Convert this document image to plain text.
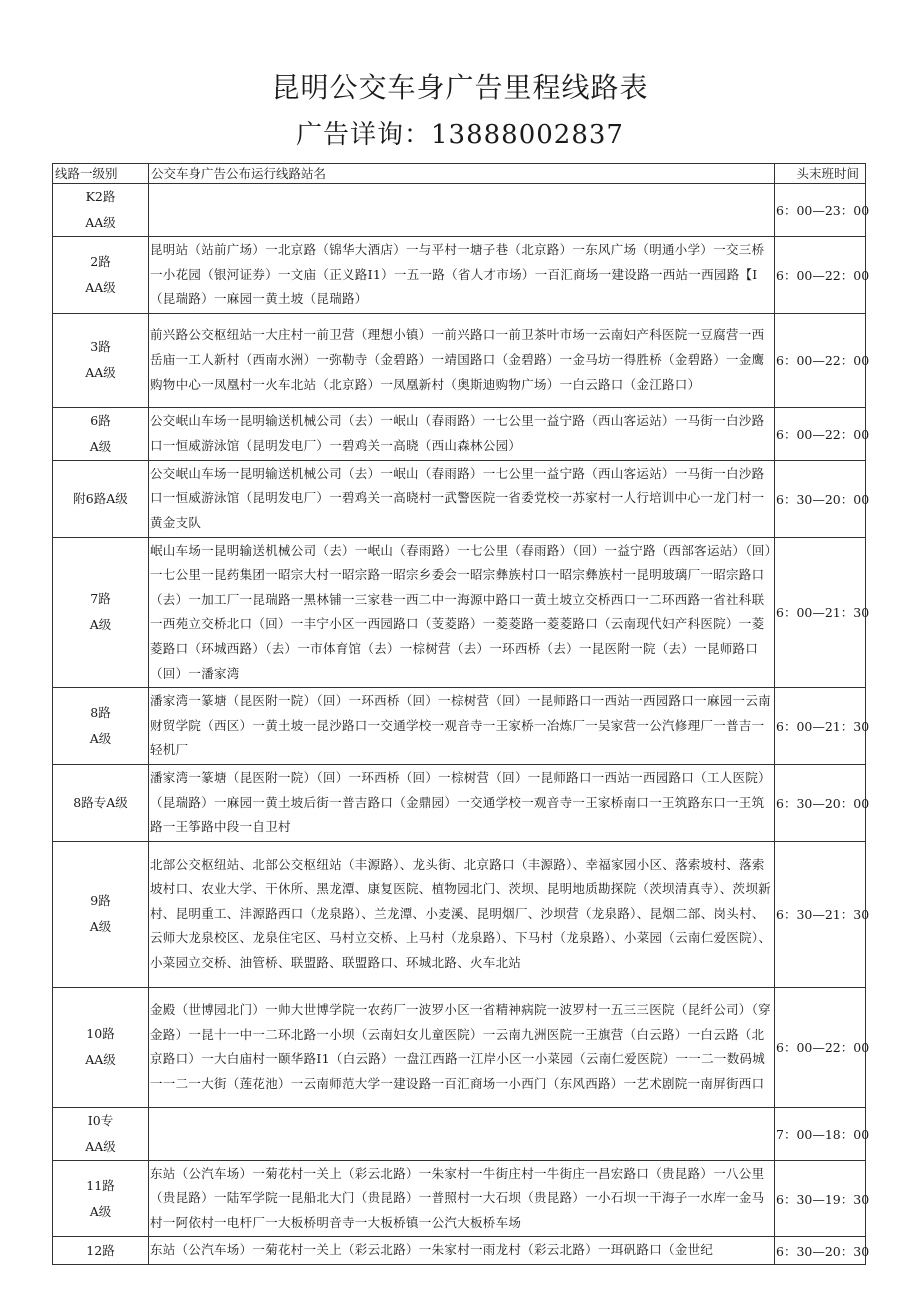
昆明公交车身广告里程线路表
广告详询：13888002837
线路一级别	公交车身广告公布运行线路站名	头末班时间

K2路
AA级		6：00—23：00

2路
AA级	昆明站（站前广场）一北京路（锦华大酒店）一与平村一塘子巷（北京路）一东风广场（明通小学）一交三桥一小花园（银河证券）一文庙（正义路I1）一五一路（省人才市场）一百汇商场一建设路一西站一西园路【I（昆瑞路）一麻园一黄土坡（昆瑞路）	6：00—22：00

3路
AA级	前兴路公交枢纽站一大庄村一前卫营（理想小镇）一前兴路口一前卫茶叶市场一云南妇产科医院一豆腐营一西岳庙一工人新村（西南水洲）一弥勒寺（金碧路）一靖国路口（金碧路）一金马坊一得胜桥（金碧路）一金鹰购物中心一凤凰村一火车北站（北京路）一凤凰新村（奥斯迪购物广场）一白云路口（金江路口）	6：00—22：00

6路
A级	公交岷山车场一昆明输送机械公司（去）一岷山（春雨路）一七公里一益宁路（西山客运站）一马街一白沙路口一恒威游泳馆（昆明发电厂）一碧鸡关一高晓（西山森林公园）	6：00—22：00

附6路A级	公交岷山车场一昆明输送机械公司（去）一岷山（春雨路）一七公里一益宁路（西山客运站）一马街一白沙路口一恒威游泳馆（昆明发电厂）一碧鸡关一高晓村一武警医院一省委党校一苏家村一人行培训中心一龙门村一黄金支队	6：30—20：00

7路
A级	岷山车场一昆明输送机械公司（去）一岷山（春雨路）一七公里（春雨路）（回）一益宁路（西部客运站）（回）一七公里一昆药集团一昭宗大村一昭宗路一昭宗乡委会一昭宗彝族村口一昭宗彝族村一昆明玻璃厂一昭宗路口（去）一加工厂一昆瑞路一黑林铺一三家巷一西二中一海源中路口一黄土坡立交桥西口一二环西路一省社科联一西苑立交桥北口（回）一丰宁小区一西园路口（芰菱路）一菱菱路一菱菱路口（云南现代妇产科医院）一菱菱路口（环城西路）（去）一市体育馆（去）一棕树营（去）一环西桥（去）一昆医附一院（去）一昆师路口（回）一潘家湾	6：00—21：30

8路
A级	潘家湾一篆塘（昆医附一院）（回）一环西桥（回）一棕树营（回）一昆师路口一西站一西园路口一麻园一云南财贸学院（西区）一黄土坡一昆沙路口一交通学校一观音寺一王家桥一冶炼厂一吴家营一公汽修理厂一普吉一轻机厂	6：00—21：30

8路专A级	潘家湾一篆塘（昆医附一院）（回）一环西桥（回）一棕树营（回）一昆师路口一西站一西园路口（工人医院）（昆瑞路）一麻园一黄土坡后街一普吉路口（金鼎园）一交通学校一观音寺一王家桥南口一王筑路东口一王筑路一王筝路中段一自卫村	6：30—20：00

9路
A级	北部公交枢纽站、北部公交枢纽站（丰源路）、龙头街、北京路口（丰源路）、幸福家园小区、落索坡村、落索坡村口、农业大学、干休所、黑龙潭、康复医院、植物园北门、茨坝、昆明地质勘探院（茨坝清真寺）、茨坝新村、昆明重工、沣源路西口（龙泉路）、兰龙潭、小麦溪、昆明烟厂、沙坝营（龙泉路）、昆烟二部、岗头村、云师大龙泉校区、龙泉住宅区、马村立交桥、上马村（龙泉路）、下马村（龙泉路）、小菜园（云南仁爱医院）、小菜园立交桥、油管桥、联盟路、联盟路口、环城北路、火车北站	6：30—21：30

10路
AA级	金殿（世博园北门）一帅大世博学院一农药厂一波罗小区一省精神病院一波罗村一五三三医院（昆纤公司）（穿金路）一昆十一中一二环北路一小坝（云南妇女儿童医院）一云南九洲医院一王旗营（白云路）一白云路（北京路口）一大白庙村一颐华路I1（白云路）一盘江西路一江岸小区一小菜园（云南仁爱医院）一一二一数码城一一二一大街（莲花池）一云南师范大学一建设路一百汇商场一小西门（东风西路）一艺术剧院一南屏街西口	6：00—22：00

I0专
AA级		7：00—18：00

11路
A级	东站（公汽车场）一菊花村一关上（彩云北路）一朱家村一牛街庄村一牛街庄一昌宏路口（贵昆路）一八公里（贵昆路）一陆军学院一昆船北大门（贵昆路）一普照村一大石坝（贵昆路）一小石坝一干海子一水库一金马村一阿依村一电杆厂一大板桥明音寺一大板桥镇一公汽大板桥车场	6：30—19：30

12路	东站（公汽车场）一菊花村一关上（彩云北路）一朱家村一雨龙村（彩云北路）一珥矾路口（金世纪	6：30—20：30
